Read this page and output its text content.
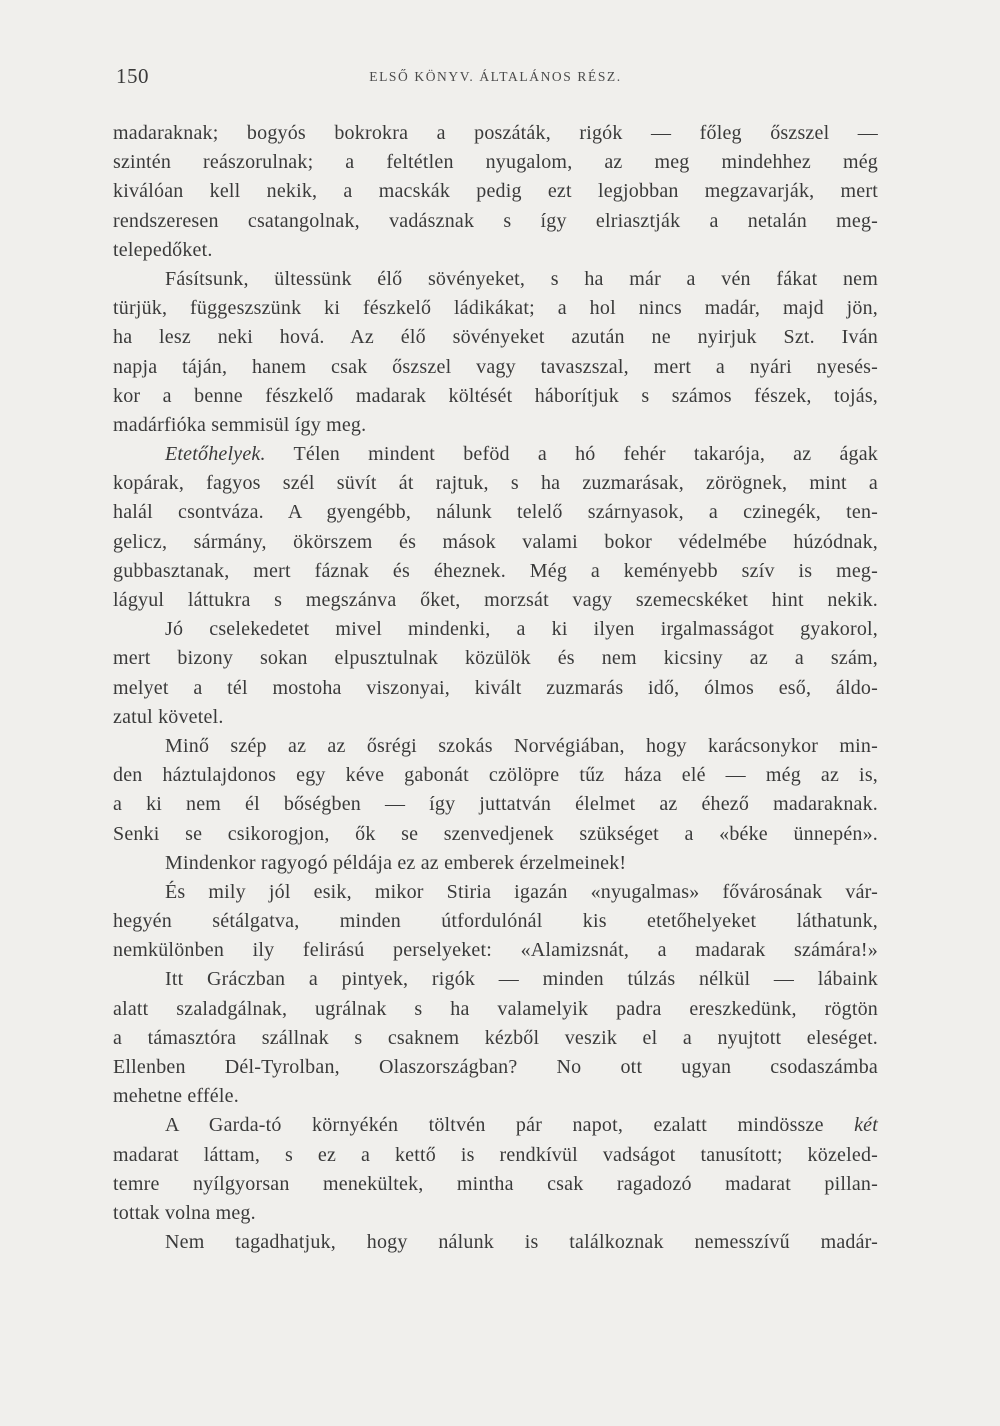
150	ELSŐ KÖNYV. ÁLTALÁNOS RÉSZ.
madaraknak; bogyós bokrokra a poszáták, rigók — főleg őszszel —
szintén reászorulnak; a feltétlen nyugalom, az meg mindehhez még
kiválóan kell nekik, a macskák pedig ezt legjobban megzavarják, mert
rendszeresen csatangolnak, vadásznak s így elriasztják a netalán meg-
telepedőket.
Fásítsunk, ültessünk élő sövényeket, s ha már a vén fákat nem
türjük, függeszszünk ki fészkelő ládikákat; a hol nincs madár, majd jön,
ha lesz neki hová. Az élő sövényeket azután ne nyirjuk Szt. Iván
napja táján, hanem csak őszszel vagy tavaszszal, mert a nyári nyesés-
kor a benne fészkelő madarak költését háborítjuk s számos fészek, tojás,
madárfióka semmisül így meg.
Etetőhelyek. Télen mindent beföd a hó fehér takarója, az ágak
kopárak, fagyos szél süvít át rajtuk, s ha zuzmarásak, zörögnek, mint a
halál csontváza. A gyengébb, nálunk telelő szárnyasok, a czinegék, ten-
gelicz, sármány, ökörszem és mások valami bokor védelmébe húzódnak,
gubbasztanak, mert fáznak és éheznek. Még a keményebb szív is meg-
lágyul láttukra s megszánva őket, morzsát vagy szemecskéket hint nekik.
Jó cselekedetet mivel mindenki, a ki ilyen irgalmasságot gyakorol,
mert bizony sokan elpusztulnak közülök és nem kicsiny az a szám,
melyet a tél mostoha viszonyai, kivált zuzmarás idő, ólmos eső, áldo-
zatul követel.
Minő szép az az ősrégi szokás Norvégiában, hogy karácsonykor min-
den háztulajdonos egy kéve gabonát czölöpre tűz háza elé — még az is,
a ki nem él bőségben — így juttatván élelmet az éhező madaraknak.
Senki se csikorogjon, ők se szenvedjenek szükséget a «béke ünnepén».
Mindenkor ragyogó példája ez az emberek érzelmeinek!
És mily jól esik, mikor Stiria igazán «nyugalmas» fővárosának vár-
hegyén sétálgatva, minden útfordulónál kis etetőhelyeket láthatunk,
nemkülönben ily felirású perselyeket: «Alamizsnát, a madarak számára!»
Itt Gráczban a pintyek, rigók — minden túlzás nélkül — lábaink
alatt szaladgálnak, ugrálnak s ha valamelyik padra ereszkedünk, rögtön
a támasztóra szállnak s csaknem kézből veszik el a nyujtott eleséget.
Ellenben Dél-Tyrolban, Olaszországban? No ott ugyan csodaszámba
mehetne efféle.
A Garda-tó környékén töltvén pár napot, ezalatt mindössze két
madarat láttam, s ez a kettő is rendkívül vadságot tanusított; közeled-
temre nyílgyorsan menekültek, mintha csak ragadozó madarat pillan-
tottak volna meg.
Nem tagadhatjuk, hogy nálunk is találkoznak nemesszívű madár-
